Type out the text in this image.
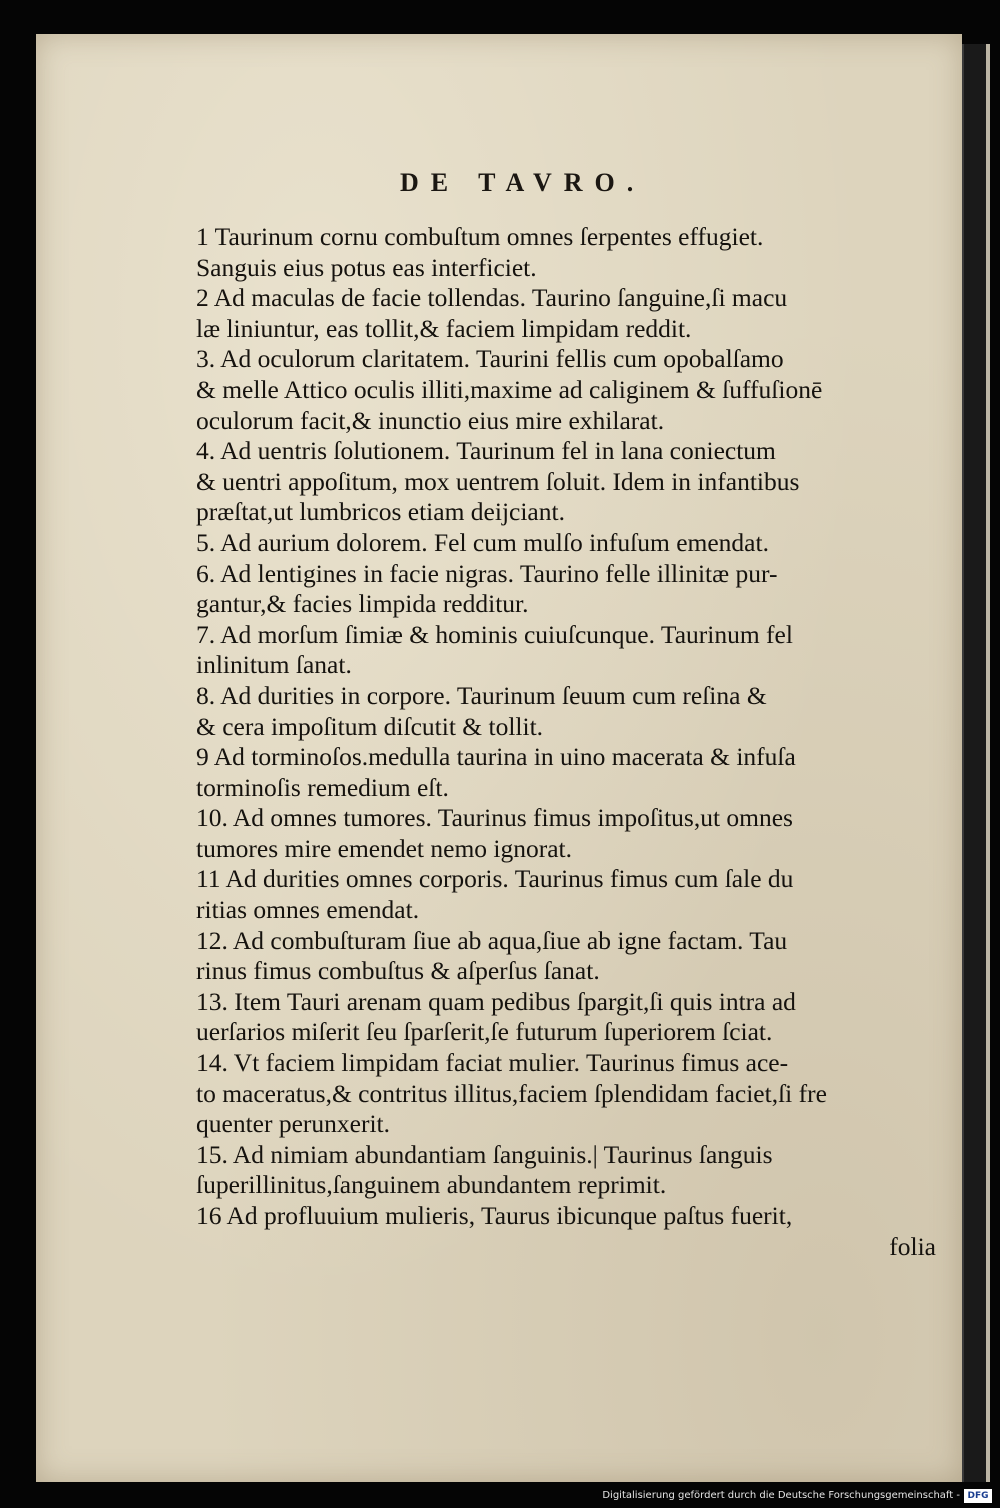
DE TAVRO.
1 Taurinum cornu combuſtum omnes ſerpentes effugiet.
Sanguis eius potus eas interficiet.
2 Ad maculas de facie tollendas. Taurino ſanguine,ſi macu
læ liniuntur, eas tollit,& faciem limpidam reddit.
3. Ad oculorum claritatem. Taurini fellis cum opobalſamo
& melle Attico oculis illiti,maxime ad caliginem & ſuffuſionē
oculorum facit,& inunctio eius mire exhilarat.
4. Ad uentris ſolutionem. Taurinum fel in lana coniectum
& uentri appoſitum, mox uentrem ſoluit. Idem in infantibus
præſtat,ut lumbricos etiam deijciant.
5. Ad aurium dolorem. Fel cum mulſo infuſum emendat.
6. Ad lentigines in facie nigras. Taurino felle illinitæ pur-
gantur,& facies limpida redditur.
7. Ad morſum ſimiæ & hominis cuiuſcunque. Taurinum fel
inlinitum ſanat.
8. Ad durities in corpore. Taurinum ſeuum cum reſina &
& cera impoſitum diſcutit & tollit.
9 Ad torminoſos.medulla taurina in uino macerata & infuſa
torminoſis remedium eſt.
10. Ad omnes tumores. Taurinus fimus impoſitus,ut omnes
tumores mire emendet nemo ignorat.
11 Ad durities omnes corporis. Taurinus fimus cum ſale du
ritias omnes emendat.
12. Ad combuſturam ſiue ab aqua,ſiue ab igne factam. Tau
rinus fimus combuſtus & aſperſus ſanat.
13. Item Tauri arenam quam pedibus ſpargit,ſi quis intra ad
uerſarios miſerit ſeu ſparſerit,ſe futurum ſuperiorem ſciat.
14. Vt faciem limpidam faciat mulier. Taurinus fimus ace-
to maceratus,& contritus illitus,faciem ſplendidam faciet,ſi fre
quenter perunxerit.
15. Ad nimiam abundantiam ſanguinis.| Taurinus ſanguis
ſuperillinitus,ſanguinem abundantem reprimit.
16 Ad profluuium mulieris, Taurus ibicunque paſtus fuerit,
folia
Digitalisierung gefördert durch die Deutsche Forschungsgemeinschaft - DFG
